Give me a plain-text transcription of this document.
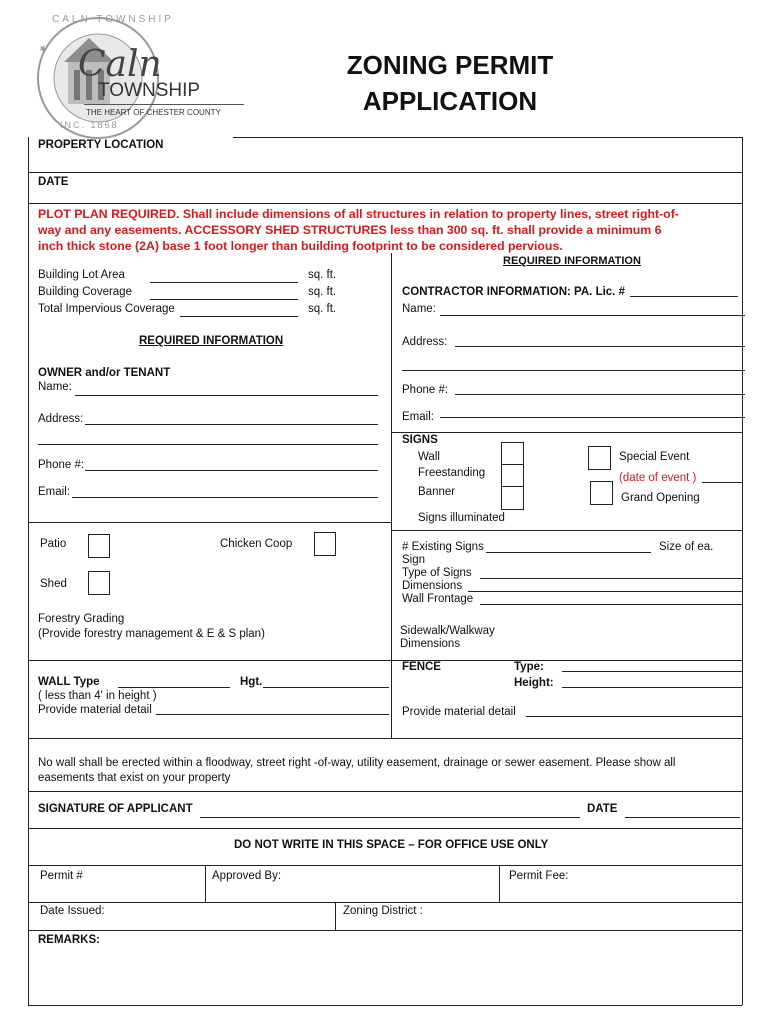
★
CALN TOWNSHIP
INC. 1868
Caln
TOWNSHIP
THE HEART OF CHESTER COUNTY
ZONING PERMIT
APPLICATION
PROPERTY LOCATION
DATE
PLOT PLAN REQUIRED. Shall include dimensions of all structures in relation to property lines, street right-of-
way and any easements. ACCESSORY SHED STRUCTURES less than 300 sq. ft. shall provide a minimum 6
inch thick stone (2A) base 1 foot longer than building footprint to be considered pervious.
Building Lot Area	sq. ft.
Building Coverage	sq. ft.
Total Impervious Coverage	sq. ft.
REQUIRED INFORMATION
OWNER and/or TENANT
Name:
Address:
Phone #:
Email:
Patio	Chicken Coop
Shed
Forestry Grading
(Provide forestry management & E & S plan)
REQUIRED INFORMATION
CONTRACTOR INFORMATION: PA. Lic. #
Name:
Address:
Phone #:
Email:
SIGNS
Wall
Freestanding
Banner
Signs illuminated
Special Event
(date of event )
Grand Opening
# Existing Signs	Size of ea.
Sign
Type of Signs
Dimensions
Wall Frontage
Sidewalk/Walkway
Dimensions
WALL Type	Hgt.
( less than 4' in height )
Provide material detail
FENCE	Type:
Height:
Provide material detail
No wall shall be erected within a floodway, street right -of-way, utility easement, drainage or sewer easement. Please show all
easements that exist on your property
SIGNATURE OF APPLICANT	DATE
DO NOT WRITE IN THIS SPACE – FOR OFFICE USE ONLY
Permit #	Approved By:	Permit Fee:
Date Issued:	Zoning District :
REMARKS:
